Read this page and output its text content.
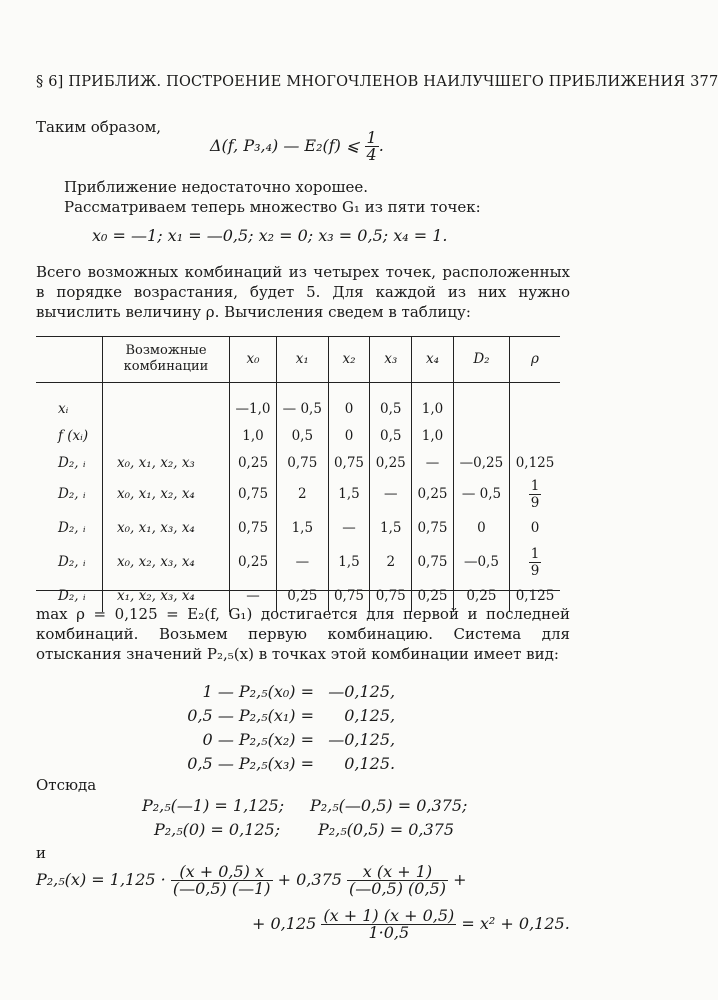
§ 6] ПРИБЛИЖ. ПОСТРОЕНИЕ МНОГОЧЛЕНОВ НАИЛУЧШЕГО ПРИБЛИЖЕНИЯ 377
Таким образом,
Δ(f, P₃,₄) — E₂(f) ⩽ $\frac{1}{4}$ .
Приближение недостаточно хорошее.
Рассматриваем теперь множество G₁ из пяти точек:
x₀ = —1; x₁ = —0,5; x₂ = 0; x₃ = 0,5; x₄ = 1.
Всего возможных комбинаций из четырех точек, расположенных в порядке возрастания, будет 5. Для каждой из них нужно вычислить величину ρ. Вычисления сведем в таблицу:
	Возможные комбинации	x₀	x₁	x₂	x₃	x₄	D₂	ρ
xᵢ		—1,0	— 0,5	0	0,5	1,0		
f (xᵢ)		1,0	0,5	0	0,5	1,0		
D₂, ᵢ	x₀, x₁, x₂, x₃	0,25	0,75	0,75	0,25	—	—0,25	0,125
D₂, ᵢ	x₀, x₁, x₂, x₄	0,75	2	1,5	—	0,25	— 0,5	$\frac{1}{9}$

D₂, ᵢ	x₀, x₁, x₃, x₄	0,75	1,5	—	1,5	0,75	0	0
D₂, ᵢ	x₀, x₂, x₃, x₄	0,25	—	1,5	2	0,75	—0,5	$\frac{1}{9}$

D₂, ᵢ	x₁, x₂, x₃, x₄	—	0,25	0,75	0,75	0,25	0,25	0,125
max ρ = 0,125 = E₂(f, G₁) достигается для первой и последней комбинаций. Возьмем первую комбинацию. Система для отыскания значений P₂,₅(x) в точках этой комбинации имеет вид:
1 — P₂,₅(x₀) = —0,125,
0,5 — P₂,₅(x₁) = 0,125,
0 — P₂,₅(x₂) = —0,125,
0,5 — P₂,₅(x₃) = 0,125.
Отсюда
P₂,₅(—1) = 1,125; P₂,₅(—0,5) = 0,375;
P₂,₅(0) = 0,125; P₂,₅(0,5) = 0,375
и
$P_2,_5(x) = 1,125 \cdot \frac{(x + 0,5) x}{(—0,5) (—1)} + 0,375 \frac{x (x + 1)}{(—0,5) (0,5)}$ +
+ $0,125 \frac{(x + 1) (x + 0,5)}{1\cdot 0,5} = x^2 + 0,125$.
